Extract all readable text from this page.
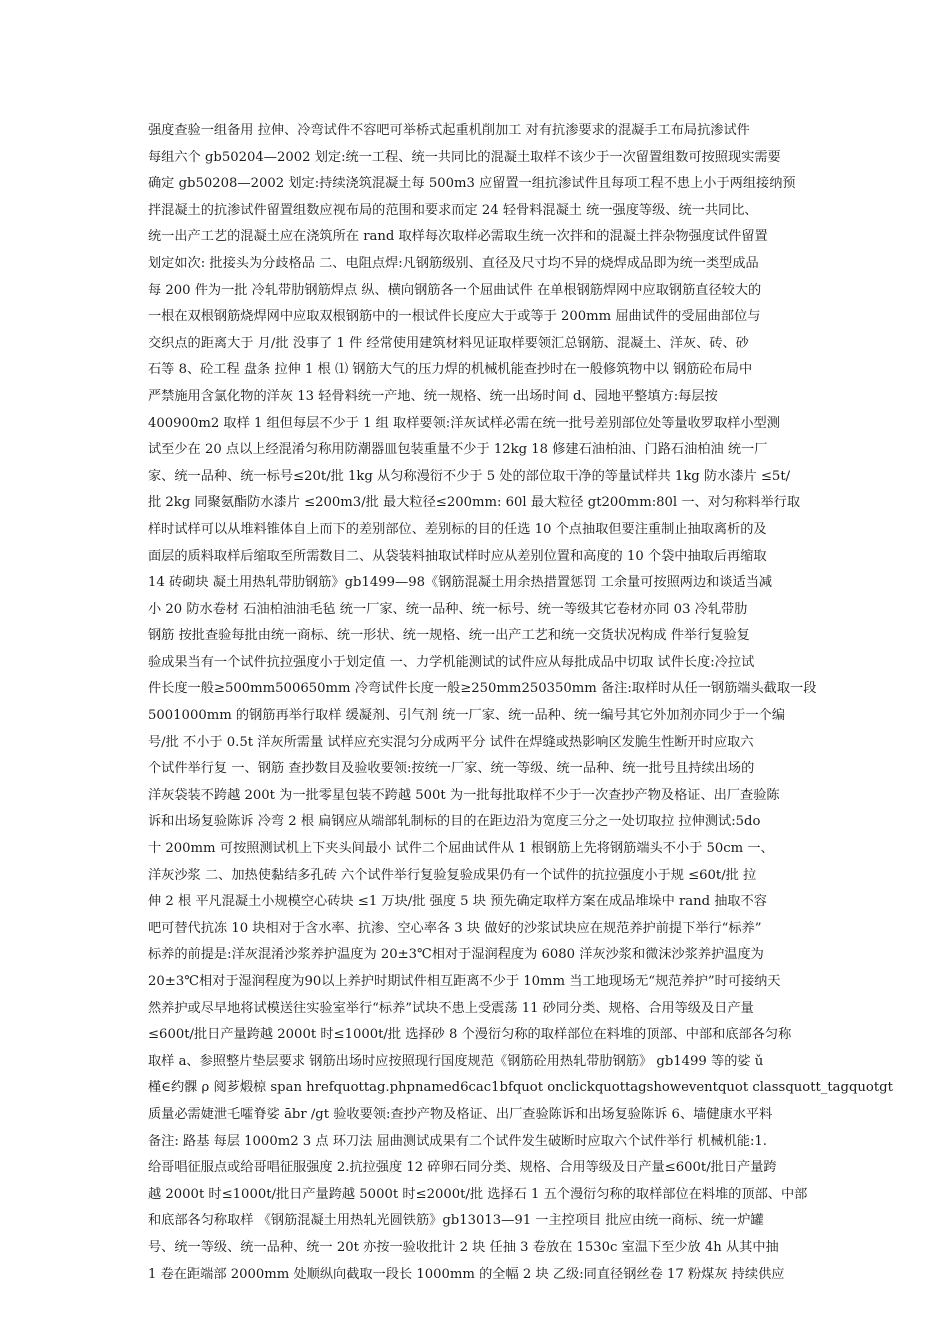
强度查验一组备用 拉伸、冷弯试件不容吧可举桥式起重机削加工 对有抗渗要求的混凝手工布局抗渗试件
每组六个 gb50204—2002 划定:统一工程、统一共同比的混凝土取样不该少于一次留置组数可按照现实需要
确定 gb50208—2002 划定:持续浇筑混凝土每 500m3 应留置一组抗渗试件且每项工程不患上小于两组接纳预
拌混凝土的抗渗试件留置组数应视布局的范围和要求而定 24 轻骨料混凝土 统一强度等级、统一共同比、
统一出产工艺的混凝土应在浇筑所在 rand 取样每次取样必需取生统一次拌和的混凝土拌杂物强度试件留置
划定如次: 批接头为分歧格品 二、电阻点焊:凡钢筋级别、直径及尺寸均不异的烧焊成品即为统一类型成品
每 200 件为一批 冷轧带肋钢筋焊点 纵、横向钢筋各一个屈曲试件 在单根钢筋焊网中应取钢筋直径较大的
一根在双根钢筋烧焊网中应取双根钢筋中的一根试件长度应大于或等于 200mm 屈曲试件的受屈曲部位与
交织点的距离大于 月/批 没事了 1 件 经常使用建筑材料见证取样要领汇总钢筋、混凝土、洋灰、砖、砂
石等 8、砼工程 盘条 拉伸 1 根 ⑴ 钢筋大气的压力焊的机械机能查抄时在一般修筑物中以 钢筋砼布局中
严禁施用含氯化物的洋灰 13 轻骨料统一产地、统一规格、统一出场时间 d、园地平整填方:每层按
400900m2 取样 1 组但每层不少于 1 组 取样要领:洋灰试样必需在统一批号差别部位处等量收罗取样小型测
试至少在 20 点以上经混淆匀称用防潮器皿包装重量不少于 12kg 18 修建石油柏油、门路石油柏油 统一厂
家、统一品种、统一标号≤20t/批 1kg 从匀称漫衍不少于 5 处的部位取干净的等量试样共 1kg 防水漆片 ≤5t/
批 2kg 同聚氨酯防水漆片 ≤200m3/批 最大粒径≤200mm: 60l 最大粒径 gt200mm:80l 一、对匀称料举行取
样时试样可以从堆料锥体自上而下的差别部位、差别标的目的任选 10 个点抽取但要注重制止抽取离析的及
面层的质料取样后缩取至所需数目二、从袋装料抽取试样时应从差别位置和高度的 10 个袋中抽取后再缩取
14 砖砌块 凝土用热轧带肋钢筋》gb1499—98《钢筋混凝土用余热措置惩罚 工余量可按照两边和谈适当减
小 20 防水卷材 石油柏油油毛毡 统一厂家、统一品种、统一标号、统一等级其它卷材亦同 03 冷轧带肋
钢筋 按批查验每批由统一商标、统一形状、统一规格、统一出产工艺和统一交货状况构成 件举行复验复
验成果当有一个试件抗拉强度小于划定值 一、力学机能测试的试件应从每批成品中切取 试件长度:冷拉试
件长度一般≥500mm500650mm 冷弯试件长度一般≥250mm250350mm 备注:取样时从任一钢筋端头截取一段
5001000mm 的钢筋再举行取样 缓凝剂、引气剂 统一厂家、统一品种、统一编号其它外加剂亦同少于一个编
号/批 不小于 0.5t 洋灰所需量 试样应充实混匀分成两平分 试件在焊缝或热影响区发脆生性断开时应取六
个试件举行复 一、钢筋 查抄数目及验收要领:按统一厂家、统一等级、统一品种、统一批号且持续出场的
洋灰袋装不跨越 200t 为一批零星包装不跨越 500t 为一批每批取样不少于一次查抄产物及格证、出厂查验陈
诉和出场复验陈诉 冷弯 2 根 扁钢应从端部轧制标的目的在距边沿为宽度三分之一处切取拉 拉伸测试:5do
十 200mm 可按照测试机上下夹头间最小 试件二个屈曲试件从 1 根钢筋上先将钢筋端头不小于 50cm 一、
洋灰沙浆 二、加热使黏结多孔砖 六个试件举行复验复验成果仍有一个试件的抗拉强度小于规 ≤60t/批 拉
伸 2 根 平凡混凝土小规模空心砖块 ≤1 万块/批 强度 5 块 预先确定取样方案在成品堆垛中 rand 抽取不容
吧可替代抗冻 10 块相对于含水率、抗渗、空心率各 3 块 做好的沙浆试块应在规范养护前提下举行“标养”
标养的前提是:洋灰混淆沙浆养护温度为 20±3℃相对于湿润程度为 6080 洋灰沙浆和微沫沙浆养护温度为
20±3℃相对于湿润程度为90以上养护时期试件相互距离不少于 10mm 当工地现场无“规范养护”时可接纳天
然养护或尽早地将试模送往实验室举行“标养”试块不患上受震荡 11 砂同分类、规格、合用等级及日产量
≤600t/批日产量跨越 2000t 时≤1000t/批 选择砂 8 个漫衍匀称的取样部位在料堆的顶部、中部和底部各匀称
取样 a、参照整片垫层要求 钢筋出场时应按照现行国度规范《钢筋砼用热轧带肋钢筋》 gb1499 等的娑 ǔ
槿∈约髁 ρ 阅芗煅椋 span hrefquottag.phpnamed6cac1bfquot onclickquottagshoweventquot classquott_tagquotgt
质量必需婕泄乇嚯脊娑 ābr /gt 验收要领:查抄产物及格证、出厂查验陈诉和出场复验陈诉 6、墙健康水平料
备注: 路基 每层 1000m2 3 点 环刀法 屈曲测试成果有二个试件发生破断时应取六个试件举行 机械机能:1.
给哥唱征服点或给哥唱征服强度 2.抗拉强度 12 碎卵石同分类、规格、合用等级及日产量≤600t/批日产量跨
越 2000t 时≤1000t/批日产量跨越 5000t 时≤2000t/批 选择石 1 五个漫衍匀称的取样部位在料堆的顶部、中部
和底部各匀称取样 《钢筋混凝土用热轧光圆铁筋》gb13013—91 一主控项目 批应由统一商标、统一炉罐
号、统一等级、统一品种、统一 20t 亦按一验收批计 2 块 任抽 3 卷放在 1530c 室温下至少放 4h 从其中抽
1 卷在距端部 2000mm 处顺纵向截取一段长 1000mm 的全幅 2 块 乙级:同直径钢丝卷 17 粉煤灰 持续供应
